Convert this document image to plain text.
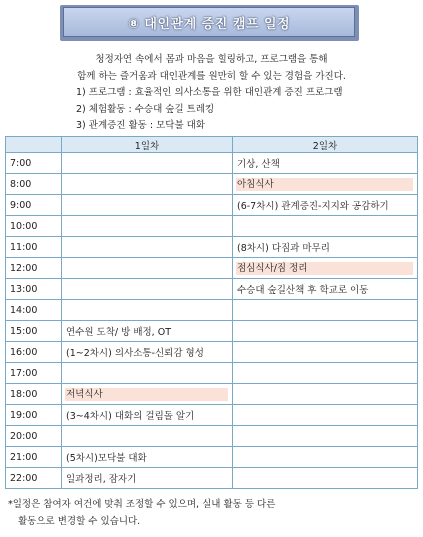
⑧ 대인관계 증진 캠프 일정
청정자연 속에서 몸과 마음을 힐링하고, 프로그램을 통해
함께 하는 즐거움과 대인관계를 원만히 할 수 있는 경험을 가진다.
1) 프로그램 : 효율적인 의사소통을 위한 대인관계 증진 프로그램
2) 체험활동 : 수승대 숲길 트레킹
3) 관계증진 활동 : 모닥불 대화
	1일차	2일차
7:00		기상, 산책
8:00		아침식사

9:00		(6-7차시) 관계증진-지지와 공감하기
10:00		
11:00		(8차시) 다짐과 마무리
12:00		점심식사/짐 정리

13:00		수승대 숲길산책 후 학교로 이동
14:00		
15:00	연수원 도착/ 방 배정, OT	
16:00	(1~2차시) 의사소통-신뢰감 형성	
17:00		
18:00	저녁식사	

19:00	(3~4차시) 대화의 걸림돌 알기	
20:00		
21:00	(5차시)모닥불 대화	
22:00	일과정리, 잠자기	
*일정은 참여자 여건에 맞춰 조정할 수 있으며, 실내 활동 등 다른
활동으로 변경할 수 있습니다.
